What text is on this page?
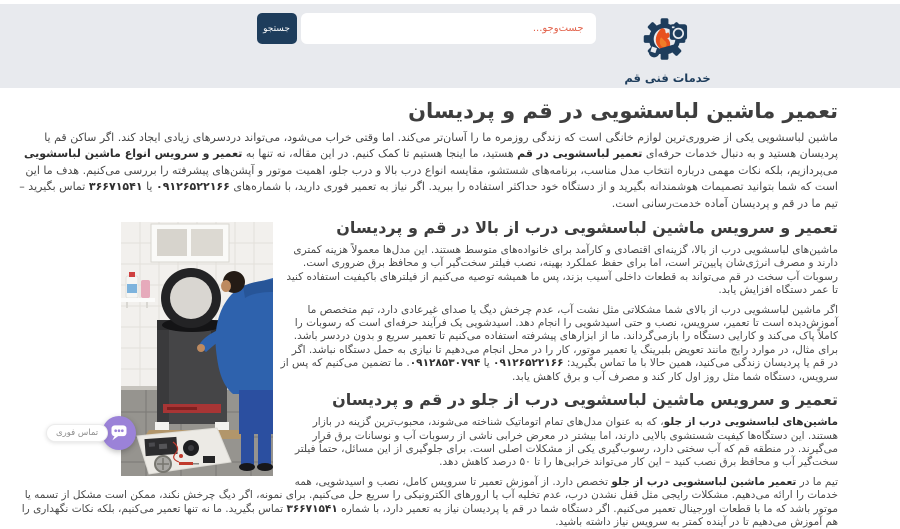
خدمات فنی قم
جست‌وجو...
جستجو
تعمیر ماشین لباسشویی در قم و پردیسان

ماشین لباسشویی یکی از ضروری‌ترین لوازم خانگی است که زندگی روزمره ما را آسان‌تر می‌کند. اما وقتی خراب می‌شود، می‌تواند دردسرهای زیادی ایجاد کند. اگر ساکن قم یا پردیسان هستید و به دنبال خدمات حرفه‌ای تعمیر لباسشویی در قم هستید، ما اینجا هستیم تا کمک کنیم. در این مقاله، نه تنها به تعمیر و سرویس انواع ماشین لباسشویی می‌پردازیم، بلکه نکات مهمی درباره انتخاب مدل مناسب، برنامه‌های شستشو، مقایسه انواع درب بالا و درب جلو، اهمیت موتور و آپشن‌های پیشرفته را بررسی می‌کنیم. هدف ما این است که شما بتوانید تصمیمات هوشمندانه بگیرید و از دستگاه خود حداکثر استفاده را ببرید. اگر نیاز به تعمیر فوری دارید، با شماره‌های ۰۹۱۲۶۵۲۲۱۶۶ یا ۳۶۶۷۱۵۴۱ تماس بگیرید – تیم ما در قم و پردیسان آماده خدمت‌رسانی است.

تعمیر و سرویس ماشین لباسشویی درب از بالا در قم و پردیسان

ماشین‌های لباسشویی درب از بالا، گزینه‌ای اقتصادی و کارآمد برای خانواده‌های متوسط هستند. این مدل‌ها معمولاً هزینه کمتری دارند و مصرف انرژی‌شان پایین‌تر است، اما برای حفظ عملکرد بهینه، نصب فیلتر سخت‌گیر آب و محافظ برق ضروری است. رسوبات آب سخت در قم می‌تواند به قطعات داخلی آسیب بزند، پس ما همیشه توصیه می‌کنیم از فیلترهای باکیفیت استفاده کنید تا عمر دستگاه افزایش یابد.

اگر ماشین لباسشویی درب از بالای شما مشکلاتی مثل نشت آب، عدم چرخش دیگ یا صدای غیرعادی دارد، تیم متخصص ما آموزش‌دیده است تا تعمیر، سرویس، نصب و حتی اسیدشویی را انجام دهد. اسیدشویی یک فرآیند حرفه‌ای است که رسوبات را کاملاً پاک می‌کند و کارایی دستگاه را بازمی‌گرداند. ما از ابزارهای پیشرفته استفاده می‌کنیم تا تعمیر سریع و بدون دردسر باشد. برای مثال، در موارد رایج مانند تعویض بلبرینگ یا تعمیر موتور، کار را در محل انجام می‌دهیم تا نیازی به حمل دستگاه نباشد. اگر در قم یا پردیسان زندگی می‌کنید، همین حالا با ما تماس بگیرید: ۰۹۱۲۶۵۲۲۱۶۶ یا ۰۹۱۲۸۵۳۰۷۹۴. ما تضمین می‌کنیم که پس از سرویس، دستگاه شما مثل روز اول کار کند و مصرف آب و برق کاهش یابد.

تعمیر و سرویس ماشین لباسشویی درب از جلو در قم و پردیسان

ماشین‌های لباسشویی درب از جلو، که به عنوان مدل‌های تمام اتوماتیک شناخته می‌شوند، محبوب‌ترین گزینه در بازار هستند. این دستگاه‌ها کیفیت شستشوی بالایی دارند، اما بیشتر در معرض خرابی ناشی از رسوبات آب و نوسانات برق قرار می‌گیرند. در منطقه قم که آب سختی دارد، رسوب‌گیری یکی از مشکلات اصلی است. برای جلوگیری از این مسائل، حتماً فیلتر سخت‌گیر آب و محافظ برق نصب کنید – این کار می‌تواند خرابی‌ها را تا ۵۰ درصد کاهش دهد.

تیم ما در تعمیر ماشین لباسشویی درب از جلو تخصص دارد. از آموزش تعمیر تا سرویس کامل، نصب و اسیدشویی، همه خدمات را ارائه می‌دهیم. مشکلات رایجی مثل قفل نشدن درب، عدم تخلیه آب یا ارورهای الکترونیکی را سریع حل می‌کنیم. برای نمونه، اگر دیگ چرخش نکند، ممکن است مشکل از تسمه یا موتور باشد که ما با قطعات اورجینال تعمیر می‌کنیم. اگر دستگاه شما در قم یا پردیسان نیاز به تعمیر دارد، با شماره ۳۶۶۷۱۵۴۱ تماس بگیرید. ما نه تنها تعمیر می‌کنیم، بلکه نکات نگهداری را هم آموزش می‌دهیم تا در آینده کمتر به سرویس نیاز داشته باشید.

تماس فوری
